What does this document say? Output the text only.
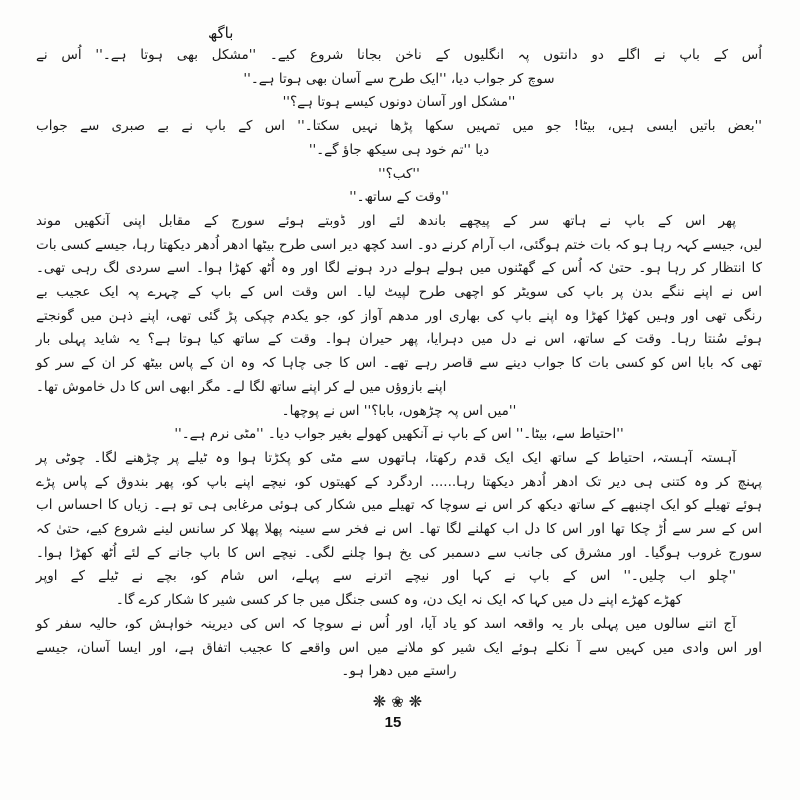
باگھ
اُس کے باپ نے اگلے دو دانتوں پہ انگلیوں کے ناخن بجانا شروع کیے۔ ''مشکل بھی ہوتا ہے۔'' اُس نے
سوچ کر جواب دیا، ''ایک طرح سے آسان بھی ہوتا ہے۔''
''مشکل اور آسان دونوں کیسے ہوتا ہے؟''
''بعض باتیں ایسی ہیں، بیٹا! جو میں تمہیں سکھا پڑھا نہیں سکتا۔'' اس کے باپ نے بے صبری سے جواب
دیا ''تم خود ہی سیکھ جاؤ گے۔''
''کب؟''
''وقت کے ساتھ۔''
پھر اس کے باپ نے ہاتھ سر کے پیچھے باندھ لئے اور ڈوبتے ہوئے سورج کے مقابل اپنی آنکھیں موند
لیں، جیسے کہہ رہا ہو کہ بات ختم ہوگئی، اب آرام کرنے دو۔ اسد کچھ دیر اسی طرح بیٹھا ادھر اُدھر دیکھتا رہا، جیسے کسی بات
کا انتظار کر رہا ہو۔ حتیٰ کہ اُس کے گھٹنوں میں ہولے ہولے درد ہونے لگا اور وہ اُٹھ کھڑا ہوا۔ اسے سردی لگ رہی تھی۔
اس نے اپنے ننگے بدن پر باپ کی سویٹر کو اچھی طرح لپیٹ لیا۔ اس وقت اس کے باپ کے چہرے پہ ایک عجیب بے
رنگی تھی اور وہیں کھڑا کھڑا وہ اپنے باپ کی بھاری اور مدھم آواز کو، جو یکدم چپکی پڑ گئی تھی، اپنے ذہن میں گونجتے
ہوئے سُنتا رہا۔ وقت کے ساتھ، اس نے دل میں دہرایا، پھر حیران ہوا۔ وقت کے ساتھ کیا ہوتا ہے؟ یہ شاید پہلی بار
تھی کہ بابا اس کو کسی بات کا جواب دینے سے قاصر رہے تھے۔ اس کا جی چاہا کہ وہ ان کے پاس بیٹھ کر ان کے سر کو
اپنے بازوؤں میں لے کر اپنے ساتھ لگا لے۔ مگر ابھی اس کا دل خاموش تھا۔
''میں اس پہ چڑھوں، بابا؟'' اس نے پوچھا۔
''احتیاط سے، بیٹا۔'' اس کے باپ نے آنکھیں کھولے بغیر جواب دیا۔ ''مٹی نرم ہے۔''
آہستہ آہستہ، احتیاط کے ساتھ ایک ایک قدم رکھتا، ہاتھوں سے مٹی کو پکڑتا ہوا وہ ٹیلے پر چڑھنے لگا۔ چوٹی پر
پہنچ کر وہ کتنی ہی دیر تک ادھر اُدھر دیکھتا رہا...... اردگرد کے کھیتوں کو، نیچے اپنے باپ کو، پھر بندوق کے پاس پڑے
ہوئے تھیلے کو ایک اچنبھے کے ساتھ دیکھ کر اس نے سوچا کہ تھیلے میں شکار کی ہوئی مرغابی ہی تو ہے۔ زیاں کا احساس اب
اس کے سر سے اُڑ چکا تھا اور اس کا دل اب کھلنے لگا تھا۔ اس نے فخر سے سینہ پھلا پھلا کر سانس لینے شروع کیے، حتیٰ کہ
سورج غروب ہوگیا۔ اور مشرق کی جانب سے دسمبر کی یخ ہوا چلنے لگی۔ نیچے اس کا باپ جانے کے لئے اُٹھ کھڑا ہوا۔
''چلو اب چلیں۔'' اس کے باپ نے کہا اور نیچے اترنے سے پہلے، اس شام کو، بچے نے ٹیلے کے اوپر
کھڑے کھڑے اپنے دل میں کہا کہ ایک نہ ایک دن، وہ کسی جنگل میں جا کر کسی شیر کا شکار کرے گا۔
آج اتنے سالوں میں پہلی بار یہ واقعہ اسد کو یاد آیا، اور اُس نے سوچا کہ اس کی دیرینہ خواہش کو، حالیہ سفر کو
اور اس وادی میں کہیں سے آ نکلے ہوئے ایک شیر کو ملانے میں اس واقعے کا عجیب اتفاق ہے، اور ایسا آسان، جیسے
راستے میں دھرا ہو۔
❋❀❋
15
